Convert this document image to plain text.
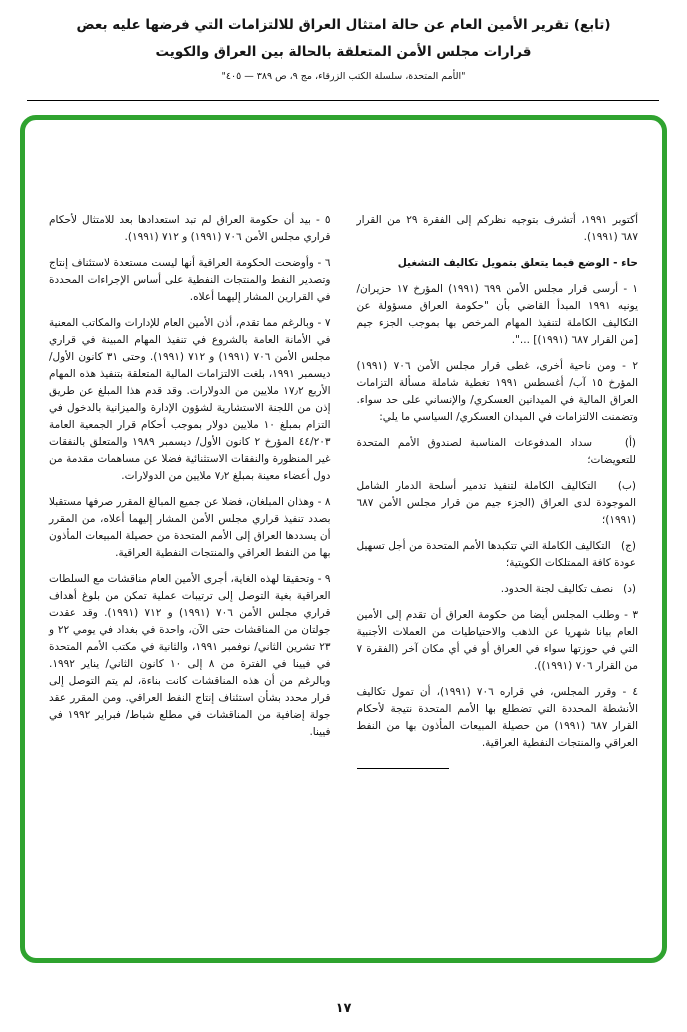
(تابع) تقرير الأمين العام عن حالة امتثال العراق للالتزامات التي فرضها عليه بعض
قرارات مجلس الأمن المتعلقة بالحالة بين العراق والكويت
"الأمم المتحدة، سلسلة الكتب الزرقاء، مج ٩، ص ٣٨٩ — ٤٠٥"

أكتوبر ١٩٩١، أتشرف بتوجيه نظركم إلى الفقرة ٢٩ من القرار ٦٨٧ (١٩٩١).

حاء - الوضع فيما يتعلق بتمويل تكاليف التشغيل

١ - أرسى قرار مجلس الأمن ٦٩٩ (١٩٩١) المؤرخ ١٧ حزيران/ يونيه ١٩٩١ المبدأ القاضي بأن "حكومة العراق مسؤولة عن التكاليف الكاملة لتنفيذ المهام المرخص بها بموجب الجزء جيم [من القرار ٦٨٧ (١٩٩١)] ...".

٢ - ومن ناحية أخرى، غطى قرار مجلس الأمن ٧٠٦ (١٩٩١) المؤرخ ١٥ آب/ أغسطس ١٩٩١ تغطية شاملة مسألة التزامات العراق المالية في الميدانين العسكري/ والإنساني على حد سواء. وتضمنت الالتزامات في الميدان العسكري/ السياسي ما يلي:

(أ)    سداد المدفوعات المناسبة لصندوق الأمم المتحدة للتعويضات؛

(ب)   التكاليف الكاملة لتنفيذ تدمير أسلحة الدمار الشامل الموجودة لدى العراق (الجزء جيم من قرار مجلس الأمن ٦٨٧ (١٩٩١)؛

(ج)   التكاليف الكاملة التي تتكبدها الأمم المتحدة من أجل تسهيل عودة كافة الممتلكات الكويتية؛

(د)   نصف تكاليف لجنة الحدود.

٣ - وطلب المجلس أيضا من حكومة العراق أن تقدم إلى الأمين العام بيانا شهريا عن الذهب والاحتياطيات من العملات الأجنبية التي في حوزتها سواء في العراق أو في أي مكان آخر (الفقرة ٧ من القرار ٧٠٦ (١٩٩١)).

٤ - وقرر المجلس، في قراره ٧٠٦ (١٩٩١)، أن تمول تكاليف الأنشطة المحددة التي تضطلع بها الأمم المتحدة نتيجة لأحكام القرار ٦٨٧ (١٩٩١) من حصيلة المبيعات المأذون بها من النفط العراقي والمنتجات النفطية العراقية.

٥ - بيد أن حكومة العراق لم تبد استعدادها بعد للامتثال لأحكام قراري مجلس الأمن ٧٠٦ (١٩٩١) و ٧١٢ (١٩٩١).

٦ - وأوضحت الحكومة العراقية أنها ليست مستعدة لاستئناف إنتاج وتصدير النفط والمنتجات النفطية على أساس الإجراءات المحددة في القرارين المشار إليهما أعلاه.

٧ - وبالرغم مما تقدم، أذن الأمين العام للإدارات والمكاتب المعنية في الأمانة العامة بالشروع في تنفيذ المهام المبينة في قراري مجلس الأمن ٧٠٦ (١٩٩١) و ٧١٢ (١٩٩١). وحتى ٣١ كانون الأول/ ديسمبر ١٩٩١، بلغت الالتزامات المالية المتعلقة بتنفيذ هذه المهام الأربع ١٧٫٢ ملايين من الدولارات. وقد قدم هذا المبلغ عن طريق إذن من اللجنة الاستشارية لشؤون الإدارة والميزانية بالدخول في التزام بمبلغ ١٠ ملايين دولار بموجب أحكام قرار الجمعية العامة ٤٤/٢٠٣ المؤرخ ٢ كانون الأول/ ديسمبر ١٩٨٩ والمتعلق بالنفقات غير المنظورة والنفقات الاستثنائية فضلا عن مساهمات مقدمة من دول أعضاء معينة بمبلغ ٧٫٢ ملايين من الدولارات.

٨ - وهذان المبلغان، فضلا عن جميع المبالغ المقرر صرفها مستقبلا بصدد تنفيذ قراري مجلس الأمن المشار إليهما أعلاه، من المقرر أن يسددها العراق إلى الأمم المتحدة من حصيلة المبيعات المأذون بها من النفط العراقي والمنتجات النفطية العراقية.

٩ - وتحقيقا لهذه الغاية، أجرى الأمين العام مناقشات مع السلطات العراقية بغية التوصل إلى ترتيبات عملية تمكن من بلوغ أهداف قراري مجلس الأمن ٧٠٦ (١٩٩١) و ٧١٢ (١٩٩١). وقد عقدت جولتان من المناقشات حتى الآن، واحدة في بغداد في يومي ٢٢ و ٢٣ تشرين الثاني/ نوفمبر ١٩٩١، والثانية في مكتب الأمم المتحدة في فيينا في الفترة من ٨ إلى ١٠ كانون الثاني/ يناير ١٩٩٢. وبالرغم من أن هذه المناقشات كانت بناءة، لم يتم التوصل إلى قرار محدد بشأن استئناف إنتاج النفط العراقي. ومن المقرر عقد جولة إضافية من المناقشات في مطلع شباط/ فبراير ١٩٩٢ في فيينا.

١٧
